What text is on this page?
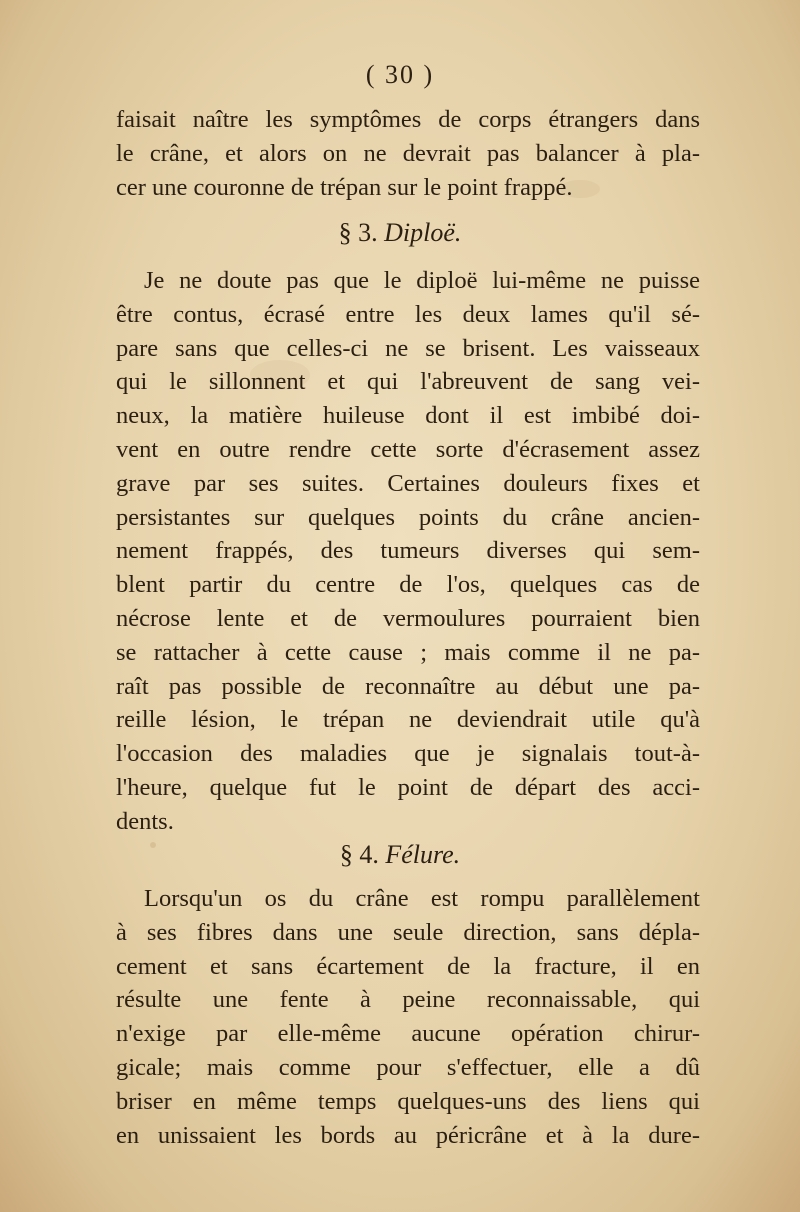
( 30 )
faisait naître les symptômes de corps étrangers dans
le crâne, et alors on ne devrait pas balancer à pla-
cer une couronne de trépan sur le point frappé.
§ 3. Diploë.
Je ne doute pas que le diploë lui-même ne puisse
être contus, écrasé entre les deux lames qu'il sé-
pare sans que celles-ci ne se brisent. Les vaisseaux
qui le sillonnent et qui l'abreuvent de sang vei-
neux, la matière huileuse dont il est imbibé doi-
vent en outre rendre cette sorte d'écrasement assez
grave par ses suites. Certaines douleurs fixes et
persistantes sur quelques points du crâne ancien-
nement frappés, des tumeurs diverses qui sem-
blent partir du centre de l'os, quelques cas de
nécrose lente et de vermoulures pourraient bien
se rattacher à cette cause ; mais comme il ne pa-
raît pas possible de reconnaître au début une pa-
reille lésion, le trépan ne deviendrait utile qu'à
l'occasion des maladies que je signalais tout-à-
l'heure, quelque fut le point de départ des acci-
dents.
§ 4. Félure.
Lorsqu'un os du crâne est rompu parallèlement
à ses fibres dans une seule direction, sans dépla-
cement et sans écartement de la fracture, il en
résulte une fente à peine reconnaissable, qui
n'exige par elle-même aucune opération chirur-
gicale; mais comme pour s'effectuer, elle a dû
briser en même temps quelques-uns des liens qui
en unissaient les bords au péricrâne et à la dure-
